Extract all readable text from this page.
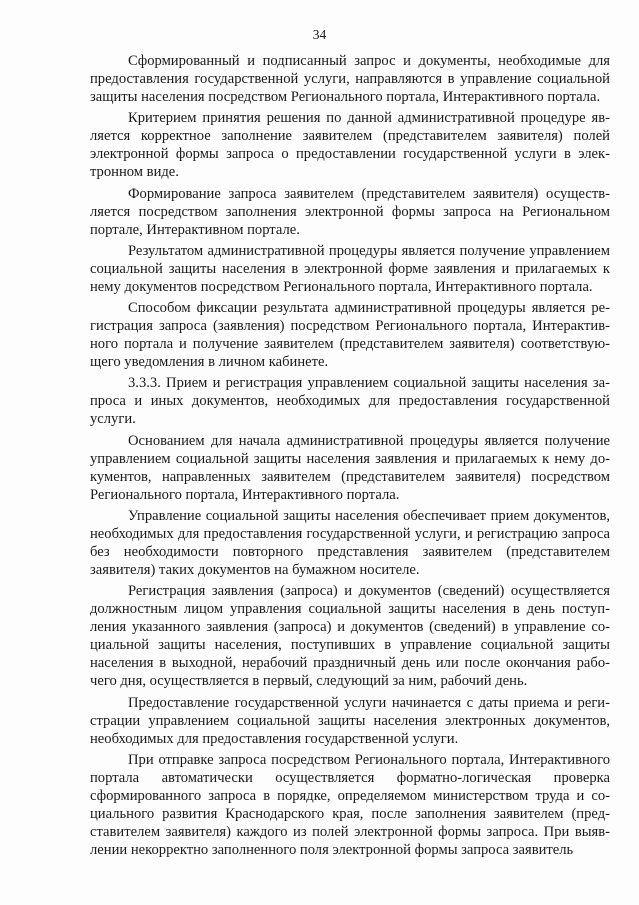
34

Сформированный и подписанный запрос и документы, необходимые для предоставления государственной услуги, направляются в управление социальной защиты населения посредством Регионального портала, Интерактивного портала.

Критерием принятия решения по данной административной процедуре является корректное заполнение заявителем (представителем заявителя) полей электронной формы запроса о предоставлении государственной услуги в электронном виде.

Формирование запроса заявителем (представителем заявителя) осуществляется посредством заполнения электронной формы запроса на Региональном портале, Интерактивном портале.

Результатом административной процедуры является получение управлением социальной защиты населения в электронной форме заявления и прилагаемых к нему документов посредством Регионального портала, Интерактивного портала.

Способом фиксации результата административной процедуры является регистрация запроса (заявления) посредством Регионального портала, Интерактивного портала и получение заявителем (представителем заявителя) соответствующего уведомления в личном кабинете.

3.3.3. Прием и регистрация управлением социальной защиты населения запроса и иных документов, необходимых для предоставления государственной услуги.

Основанием для начала административной процедуры является получение управлением социальной защиты населения заявления и прилагаемых к нему документов, направленных заявителем (представителем заявителя) посредством Регионального портала, Интерактивного портала.

Управление социальной защиты населения обеспечивает прием документов, необходимых для предоставления государственной услуги, и регистрацию запроса без необходимости повторного представления заявителем (представителем заявителя) таких документов на бумажном носителе.

Регистрация заявления (запроса) и документов (сведений) осуществляется должностным лицом управления социальной защиты населения в день поступления указанного заявления (запроса) и документов (сведений) в управление социальной защиты населения, поступивших в управление социальной защиты населения в выходной, нерабочий праздничный день или после окончания рабочего дня, осуществляется в первый, следующий за ним, рабочий день.

Предоставление государственной услуги начинается с даты приема и регистрации управлением социальной защиты населения электронных документов, необходимых для предоставления государственной услуги.

При отправке запроса посредством Регионального портала, Интерактивного портала автоматически осуществляется форматно-логическая проверка сформированного запроса в порядке, определяемом министерством труда и социального развития Краснодарского края, после заполнения заявителем (представителем заявителя) каждого из полей электронной формы запроса. При выявлении некорректно заполненного поля электронной формы запроса заявитель
